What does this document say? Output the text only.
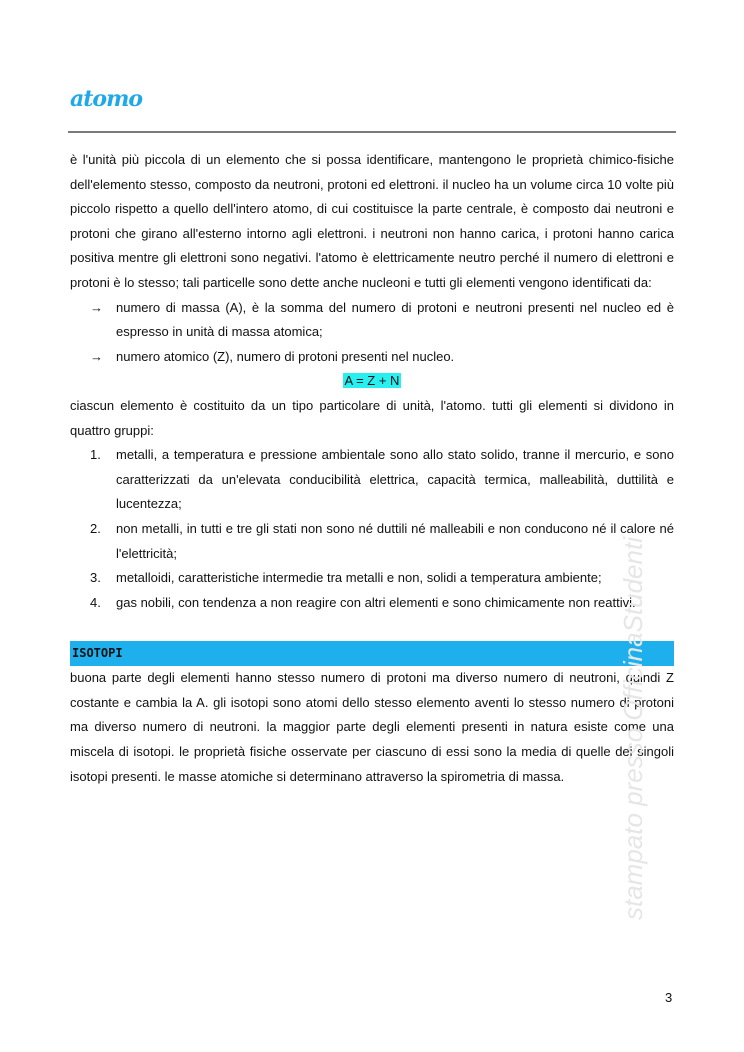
atomo

è l'unità più piccola di un elemento che si possa identificare, mantengono le proprietà chimico-fisiche dell'elemento stesso, composto da neutroni, protoni ed elettroni. il nucleo ha un volume circa 10 volte più piccolo rispetto a quello dell'intero atomo, di cui costituisce la parte centrale, è composto dai neutroni e protoni che girano all'esterno intorno agli elettroni. i neutroni non hanno carica, i protoni hanno carica positiva mentre gli elettroni sono negativi. l'atomo è elettricamente neutro perché il numero di elettroni e protoni è lo stesso; tali particelle sono dette anche nucleoni e tutti gli elementi vengono identificati da:

→ numero di massa (A), è la somma del numero di protoni e neutroni presenti nel nucleo ed è espresso in unità di massa atomica;
→ numero atomico (Z), numero di protoni presenti nel nucleo.
A = Z + N

ciascun elemento è costituito da un tipo particolare di unità, l'atomo. tutti gli elementi si dividono in quattro gruppi:

1. metalli, a temperatura e pressione ambientale sono allo stato solido, tranne il mercurio, e sono caratterizzati da un'elevata conducibilità elettrica, capacità termica, malleabilità, duttilità e lucentezza;
2. non metalli, in tutti e tre gli stati non sono né duttili né malleabili e non conducono né il calore né l'elettricità;
3. metalloidi, caratteristiche intermedie tra metalli e non, solidi a temperatura ambiente;
4. gas nobili, con tendenza a non reagire con altri elementi e sono chimicamente non reattivi.
ISOTOPI

buona parte degli elementi hanno stesso numero di protoni ma diverso numero di neutroni, quindi Z costante e cambia la A. gli isotopi sono atomi dello stesso elemento aventi lo stesso numero di protoni ma diverso numero di neutroni. la maggior parte degli elementi presenti in natura esiste come una miscela di isotopi. le proprietà fisiche osservate per ciascuno di essi sono la media di quelle dei singoli isotopi presenti. le masse atomiche si determinano attraverso la spirometria di massa.	stampato presso OfficinaStudenti
3
